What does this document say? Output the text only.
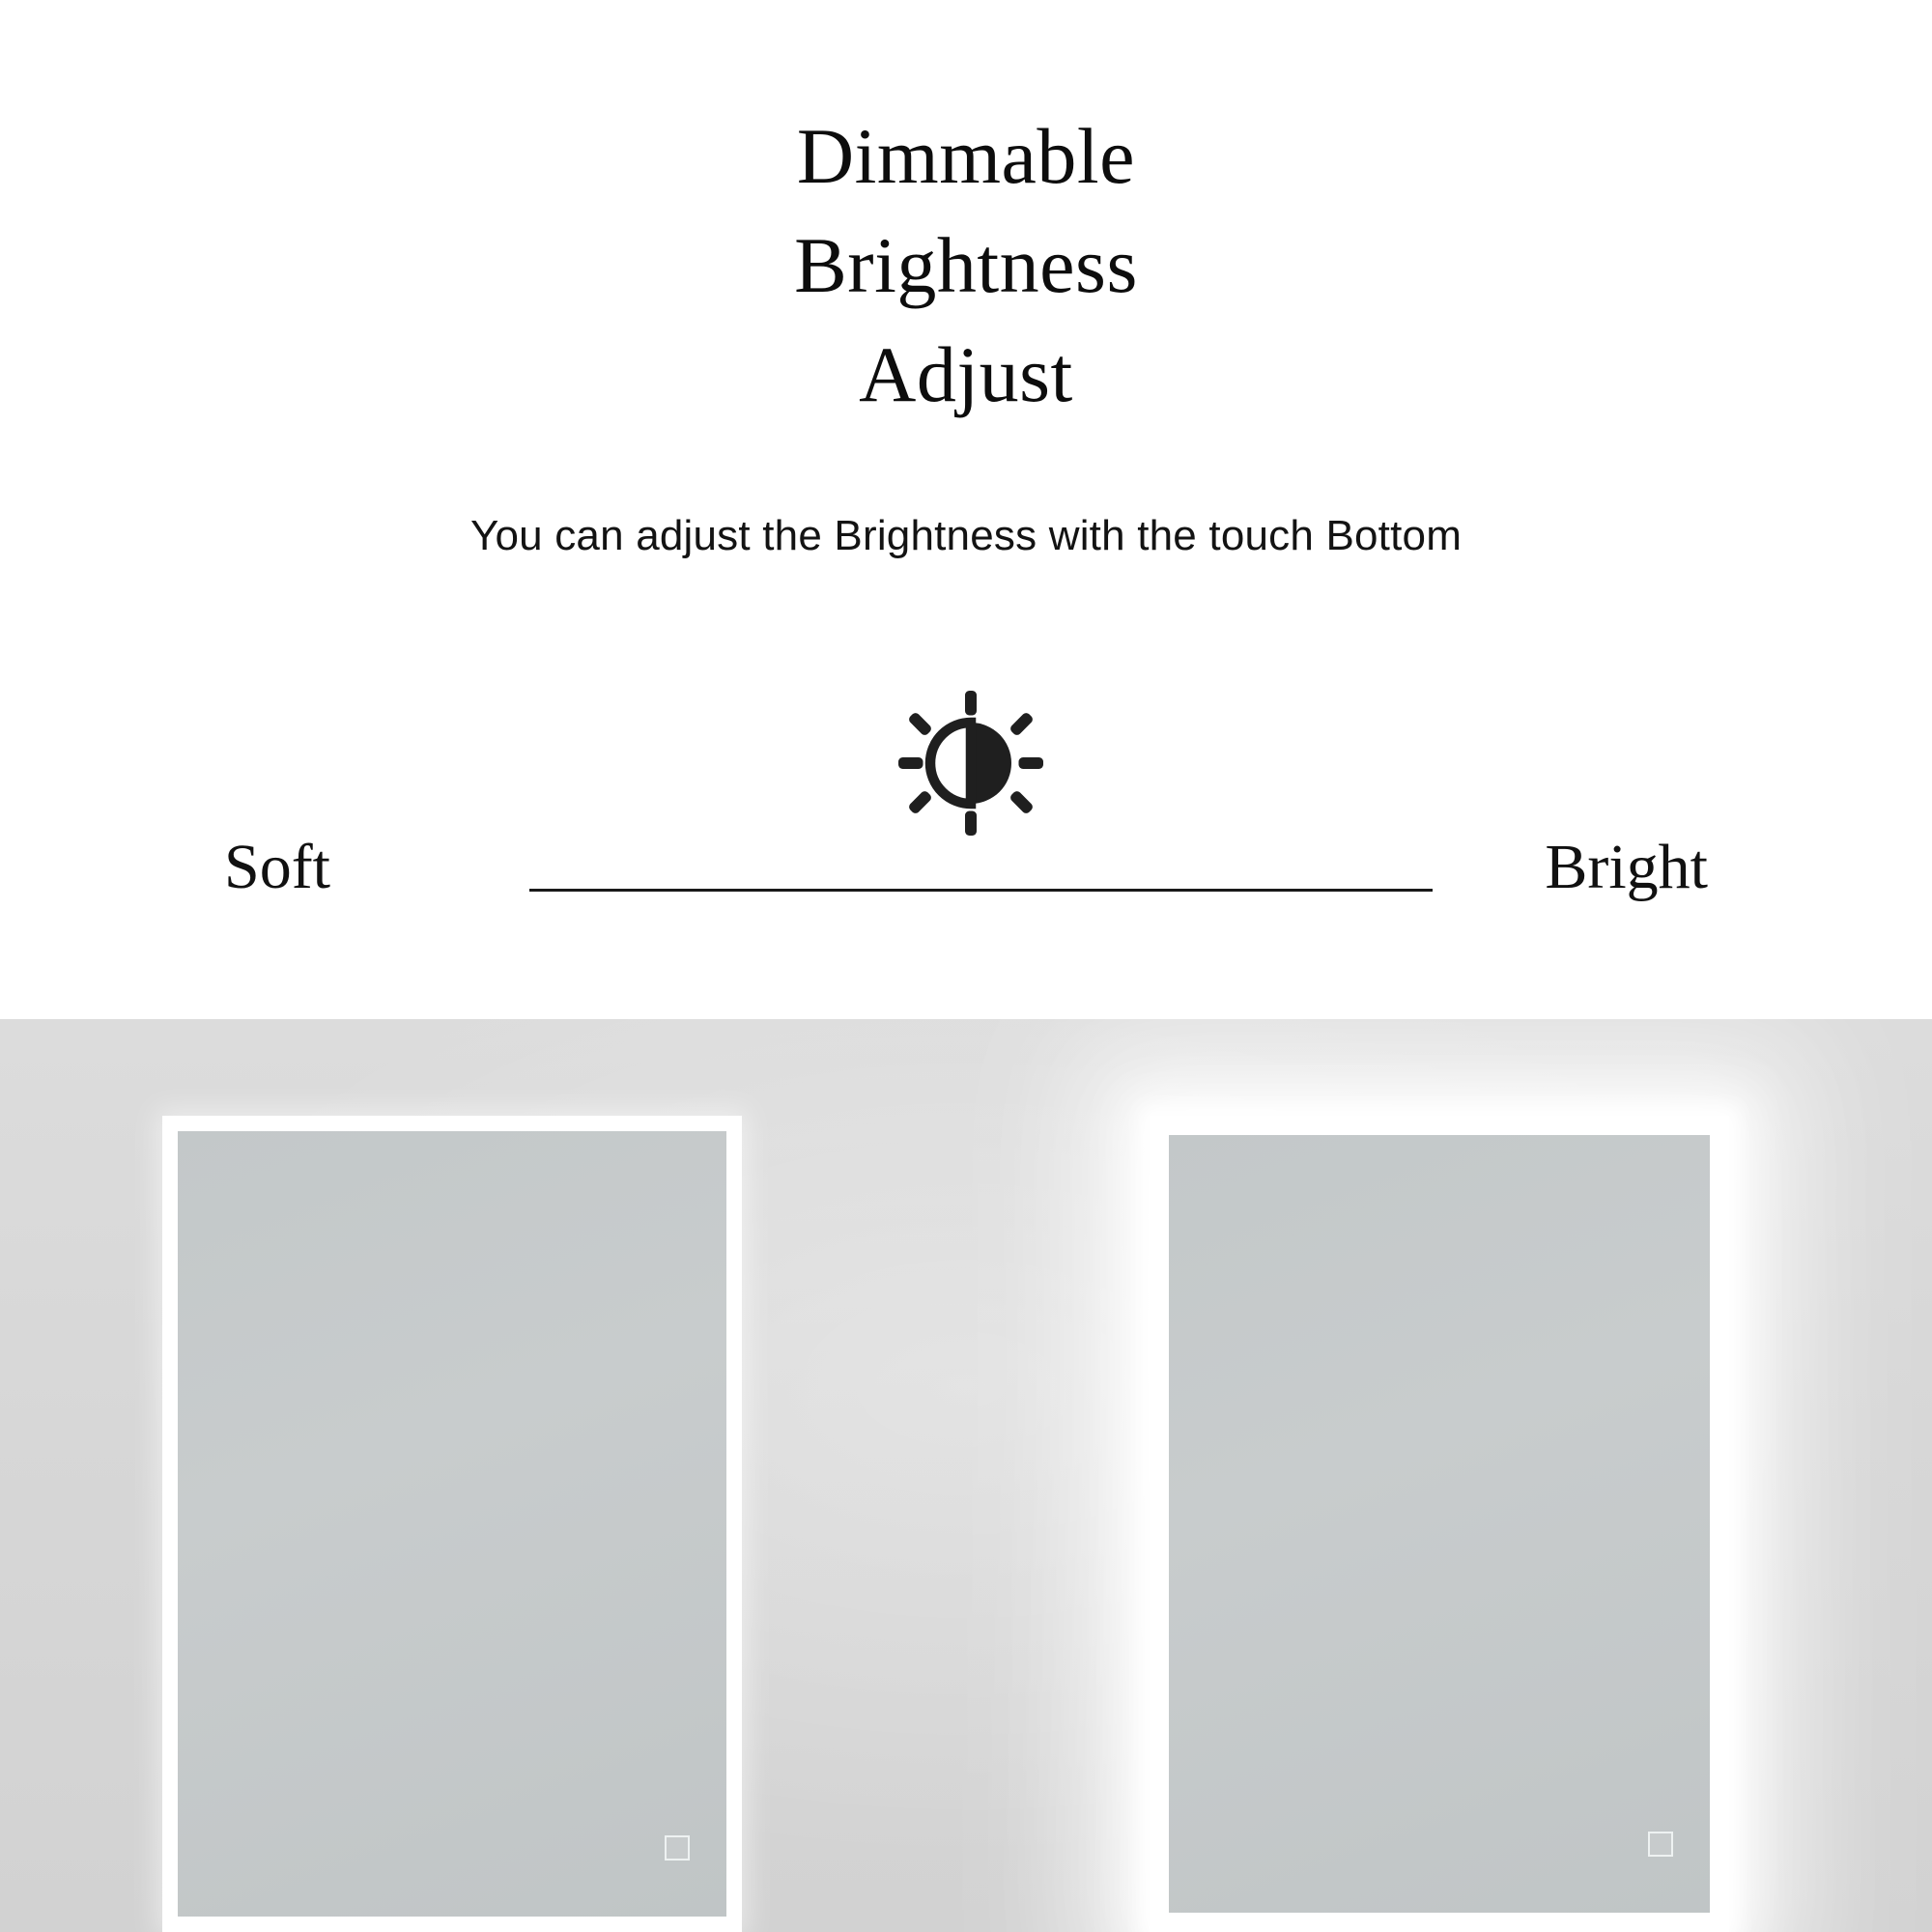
Dimmable
Brightness
Adjust
You can adjust the Brightness with the touch Bottom
Soft	Bright
